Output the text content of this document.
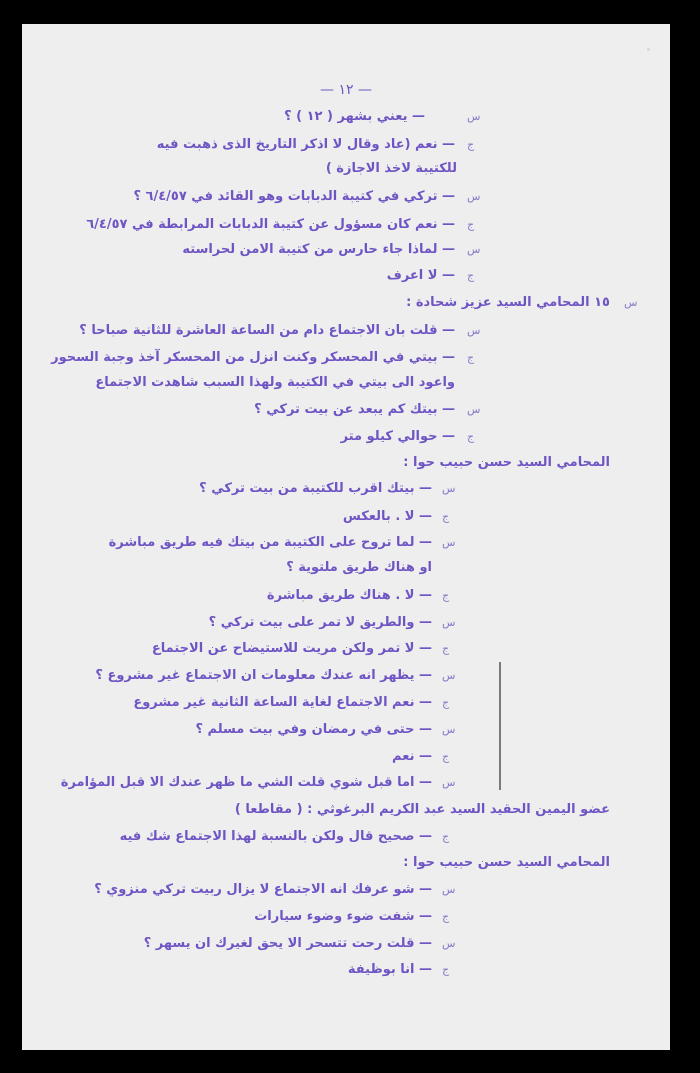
— ١٢ —
س
— يعني بشهر ( ١٢ ) ؟
ج
— نعم (عاد وقال لا اذكر التاريخ الذى ذهبت فيه
للكتيبة لاخذ الاجازة )
س
— تركي في كتيبة الدبابات وهو القائد في ٦/٤/٥٧ ؟
ج
— نعم كان مسؤول عن كتيبة الدبابات المرابطة في ٦/٤/٥٧
س
— لماذا جاء حارس من كتيبة الامن لحراسته
ج
— لا اعرف
س
١٥ المحامي السيد عزيز شحادة :
س
— قلت بان الاجتماع دام من الساعة العاشرة للثانية صباحا ؟
ج
— بيتي في المحسكر وكنت انزل من المحسكر آخذ وجبة السحور
واعود الى بيتي في الكتيبة ولهذا السبب شاهدت الاجتماع
س
— بيتك كم يبعد عن بيت تركي ؟
ج
— حوالي كيلو متر
المحامي السيد حسن حبيب حوا :
س
— بيتك اقرب للكتيبة من بيت تركي ؟
ج
— لا . بالعكس
س
— لما تروح على الكتيبة من بيتك فيه طريق مباشرة
او هناك طريق ملتوية ؟
ج
— لا . هناك طريق مباشرة
س
— والطريق لا تمر على بيت تركي ؟
ج
— لا تمر ولكن مريت للاستيضاح عن الاجتماع
س
— يظهر انه عندك معلومات ان الاجتماع غير مشروع ؟
ج
— نعم الاجتماع لغاية الساعة الثانية غير مشروع
س
— حتى في رمضان وفي بيت مسلم ؟
ج
— نعم
س
— اما قبل شوي قلت الشي ما ظهر عندك الا قبل المؤامرة
عضو اليمين الحقيد السيد عبد الكريم البرغوثي : ( مقاطعا )
ج
— صحيح قال ولكن بالنسبة لهذا الاجتماع شك فيه
المحامي السيد حسن حبيب حوا :
س
— شو عرفك انه الاجتماع لا يزال ربيت تركي منزوي ؟
ج
— شفت ضوء وضوء سيارات
س
— قلت رحت تتسحر الا يحق لغيرك ان يسهر ؟
ج
— انا بوظيفة
